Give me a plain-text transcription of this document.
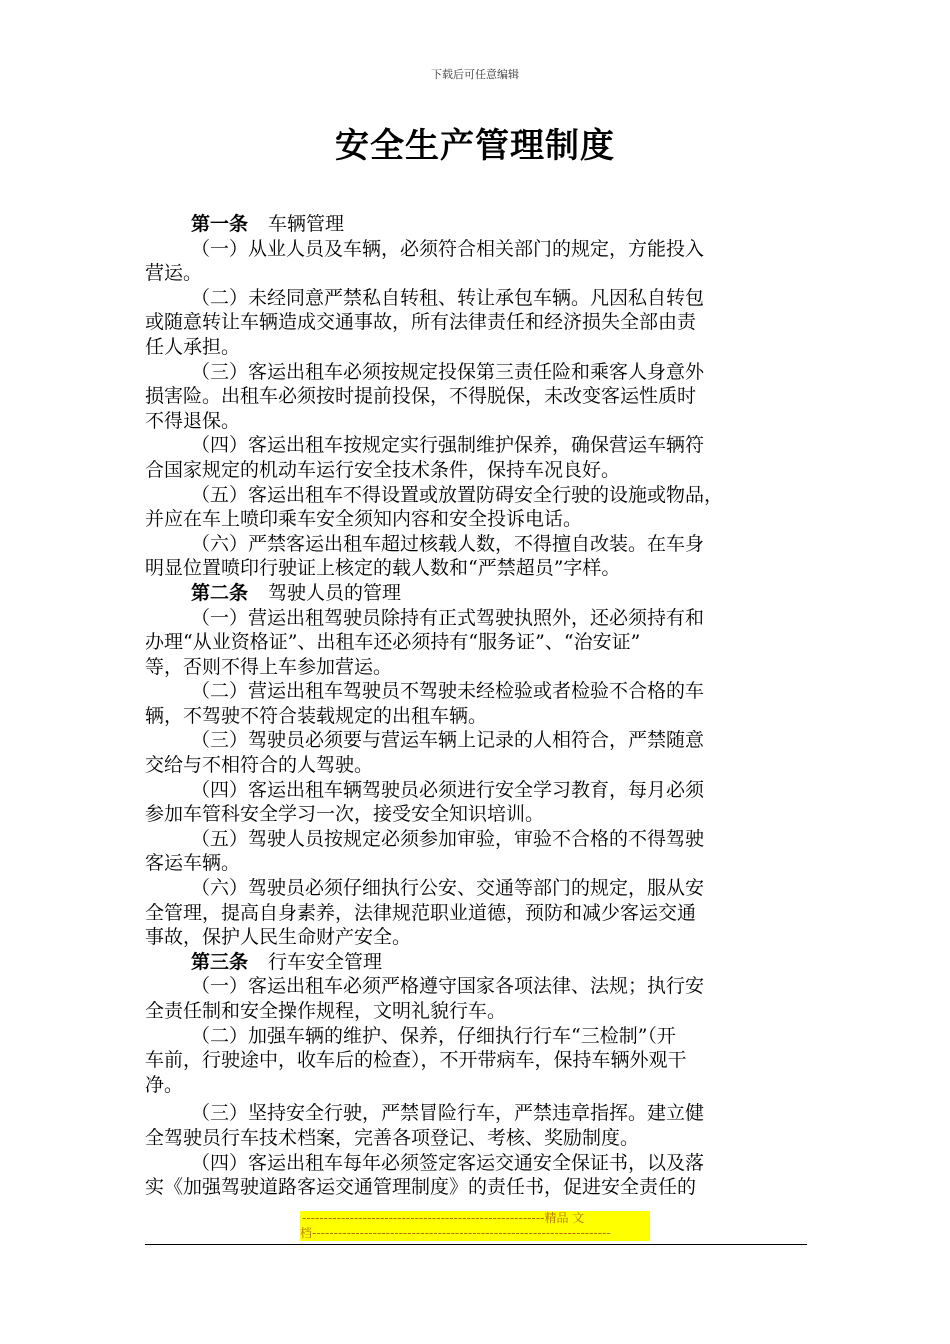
下载后可任意编辑
安全生产管理制度
第一条 车辆管理
（一）从业人员及车辆，必须符合相关部门的规定，方能投入
营运。
（二）未经同意严禁私自转租、转让承包车辆。凡因私自转包
或随意转让车辆造成交通事故，所有法律责任和经济损失全部由责
任人承担。
（三）客运出租车必须按规定投保第三责任险和乘客人身意外
损害险。出租车必须按时提前投保，不得脱保，未改变客运性质时
不得退保。
（四）客运出租车按规定实行强制维护保养，确保营运车辆符
合国家规定的机动车运行安全技术条件，保持车况良好。
（五）客运出租车不得设置或放置防碍安全行驶的设施或物品，
并应在车上喷印乘车安全须知内容和安全投诉电话。
（六）严禁客运出租车超过核载人数，不得擅自改装。在车身
明显位置喷印行驶证上核定的载人数和“严禁超员”字样。
第二条 驾驶人员的管理
（一）营运出租驾驶员除持有正式驾驶执照外，还必须持有和
办理“从业资格证”、出租车还必须持有“服务证”、“治安证”
等，否则不得上车参加营运。
（二）营运出租车驾驶员不驾驶未经检验或者检验不合格的车
辆，不驾驶不符合装载规定的出租车辆。
（三）驾驶员必须要与营运车辆上记录的人相符合，严禁随意
交给与不相符合的人驾驶。
（四）客运出租车辆驾驶员必须进行安全学习教育，每月必须
参加车管科安全学习一次，接受安全知识培训。
（五）驾驶人员按规定必须参加审验，审验不合格的不得驾驶
客运车辆。
（六）驾驶员必须仔细执行公安、交通等部门的规定，服从安
全管理，提高自身素养，法律规范职业道德，预防和减少客运交通
事故，保护人民生命财产安全。
第三条 行车安全管理
（一）客运出租车必须严格遵守国家各项法律、法规；执行安
全责任制和安全操作规程，文明礼貌行车。
（二）加强车辆的维护、保养，仔细执行行车“三检制”（开
车前，行驶途中，收车后的检查），不开带病车，保持车辆外观干
净。
（三）坚持安全行驶，严禁冒险行车，严禁违章指挥。建立健
全驾驶员行车技术档案，完善各项登记、考核、奖励制度。
（四）客运出租车每年必须签定客运交通安全保证书，以及落
实《加强驾驶道路客运交通管理制度》的责任书，促进安全责任的
--------------------------------------------------------精品 文
档---------------------------------------------------------------------
